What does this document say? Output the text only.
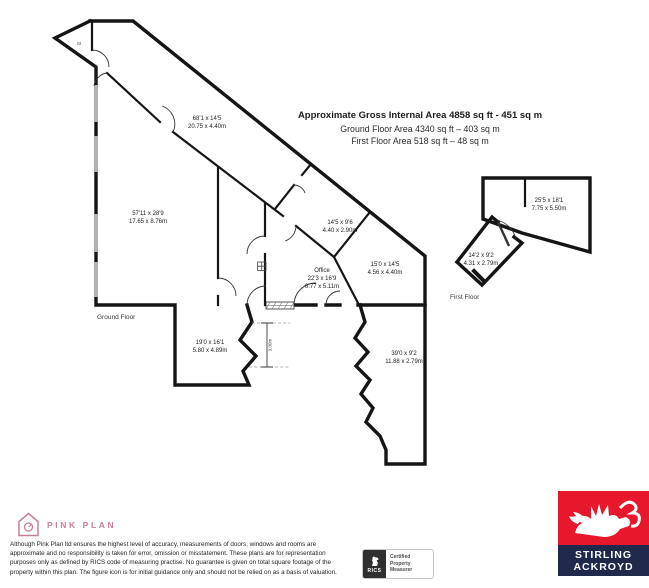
3.00m
Approximate Gross Internal Area 4858 sq ft - 451 sq m
Ground Floor Area 4340 sq ft – 403 sq m
First Floor Area 518 sq ft – 48 sq m
St
68'1 x 14'5
20.75 x 4.40m
57'11 x 28'9
17.65 x 8.76m	14'5 x 9'6
4.40 x 2.90m
15'0 x 14'5
4.56 x 4.40m
Office
22'3 x 16'9
6.77 x 5.11m
19'0 x 16'1
5.80 x 4.89m	39'0 x 9'2
11.88 x 2.79m
Ground Floor
25'5 x 18'1
7.75 x 5.50m
14'2 x 9'2
4.31 x 2.79m
First Floor
PINK PLAN
Although Pink Plan ltd ensures the highest level of accuracy, measurements of doors, windows and rooms are
approximate and no responsibility is taken for error, omission or misstatement. These plans are for representation
purposes only as defined by RICS code of measuring practise. No guarantee is given on total square footage of the
property within this plan. The figure icon is for initial guidance only and should not be relied on as a basis of valuation.	RICS
Certified
Property
Measurer
STIRLING
ACKROYD
